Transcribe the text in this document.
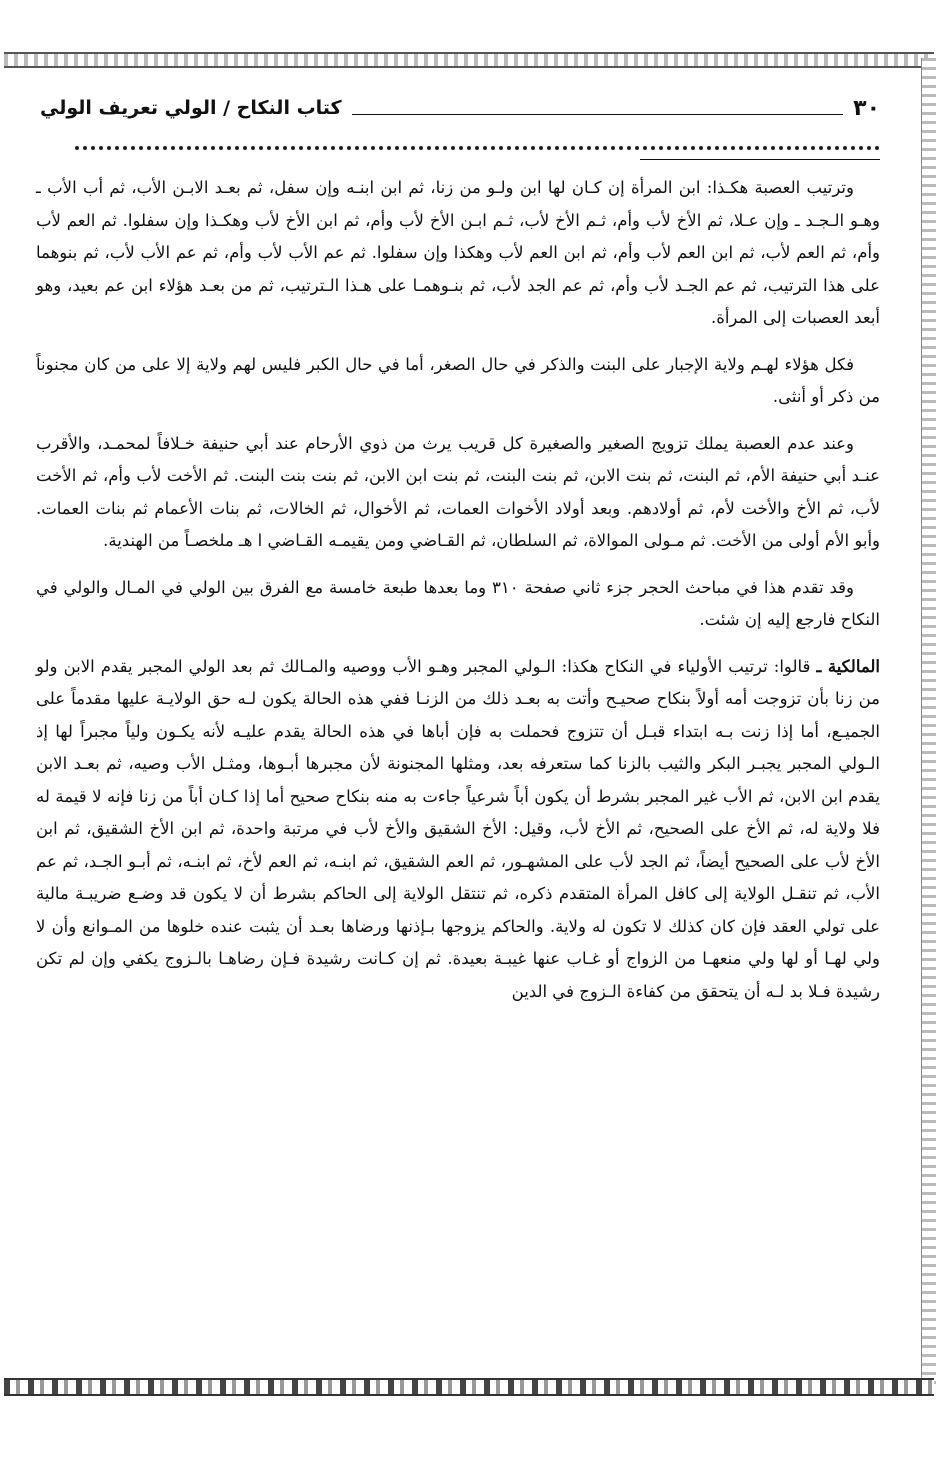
٣٠
كتاب النكاح / الولي تعريف الولي

وترتيب العصبة هكـذا: ابن المرأة إن كـان لها ابن ولـو من زنا، ثم ابن ابنـه وإن سفل، ثم بعـد الابـن الأب، ثم أب الأب ـ وهـو الـجـد ـ وإن عـلا، ثم الأخ لأب وأم، ثـم الأخ لأب، ثـم ابـن الأخ لأب وأم، ثم ابن الأخ لأب وهكـذا وإن سفلوا. ثم العم لأب وأم، ثم العم لأب، ثم ابن العم لأب وأم، ثم ابن العم لأب وهكذا وإن سفلوا. ثم عم الأب لأب وأم، ثم عم الأب لأب، ثم بنوهما على هذا الترتيب، ثم عم الجـد لأب وأم، ثم عم الجد لأب، ثم بنـوهمـا على هـذا الـترتيب، ثم من بعـد هؤلاء ابن عم بعيد، وهو أبعد العصبات إلى المرأة.

فكل هؤلاء لهـم ولاية الإجبار على البنت والذكر في حال الصغر، أما في حال الكبر فليس لهم ولاية إلا على من كان مجنوناً من ذكر أو أنثى.

وعند عدم العصبة يملك تزويج الصغير والصغيرة كل قريب يرث من ذوي الأرحام عند أبي حنيفة خـلافاً لمحمـد، والأقرب عنـد أبي حنيفة الأم، ثم البنت، ثم بنت الابن، ثم بنت البنت، ثم بنت ابن الابن، ثم بنت بنت البنت. ثم الأخت لأب وأم، ثم الأخت لأب، ثم الأخ والأخت لأم، ثم أولادهم. وبعد أولاد الأخوات العمات، ثم الأخوال، ثم الخالات، ثم بنات الأعمام ثم بنات العمات. وأبو الأم أولى من الأخت. ثم مـولى الموالاة، ثم السلطان، ثم القـاضي ومن يقيمـه القـاضي ا هـ ملخصـاً من الهندية.

وقد تقدم هذا في مباحث الحجر جزء ثاني صفحة ٣١٠ وما بعدها طبعة خامسة مع الفرق بين الولي في المـال والولي في النكاح فارجع إليه إن شئت.

المالكية ـ قالوا: ترتيب الأولياء في النكاح هكذا: الـولي المجبر وهـو الأب ووصيه والمـالك ثم بعد الولي المجبر يقدم الابن ولو من زنا بأن تزوجت أمه أولاً بنكاح صحيـح وأتت به بعـد ذلك من الزنـا ففي هذه الحالة يكون لـه حق الولايـة عليها مقدماً على الجميـع، أما إذا زنت بـه ابتداء قبـل أن تتزوج فحملت به فإن أباها في هذه الحالة يقدم عليـه لأنه يكـون ولياً مجبراً لها إذ الـولي المجبر يجبـر البكر والثيب بالزنا كما ستعرفه بعد، ومثلها المجنونة لأن مجبرها أبـوها، ومثـل الأب وصيه، ثم بعـد الابن يقدم ابن الابن، ثم الأب غير المجبر بشرط أن يكون أباً شرعياً جاءت به منه بنكاح صحيح أما إذا كـان أباً من زنا فإنه لا قيمة له فلا ولاية له، ثم الأخ على الصحيح، ثم الأخ لأب، وقيل: الأخ الشقيق والأخ لأب في مرتبة واحدة، ثم ابن الأخ الشقيق، ثم ابن الأخ لأب على الصحيح أيضاً، ثم الجد لأب على المشهـور، ثم العم الشقيق، ثم ابنـه، ثم العم لأخ، ثم ابنـه، ثم أبـو الجـد، ثم عم الأب، ثم تنقـل الولاية إلى كافل المرأة المتقدم ذكره، ثم تنتقل الولاية إلى الحاكم بشرط أن لا يكون قد وضـع ضريبـة مالية على تولي العقد فإن كان كذلك لا تكون له ولاية. والحاكم يزوجها بـإذنها ورضاها بعـد أن يثبت عنده خلوها من المـوانع وأن لا ولي لهـا أو لها ولي منعهـا من الزواج أو غـاب عنها غيبـة بعيدة. ثم إن كـانت رشيدة فـإن رضاهـا بالـزوج يكفي وإن لم تكن رشيدة فـلا بد لـه أن يتحقق من كفاءة الـزوج في الدين
